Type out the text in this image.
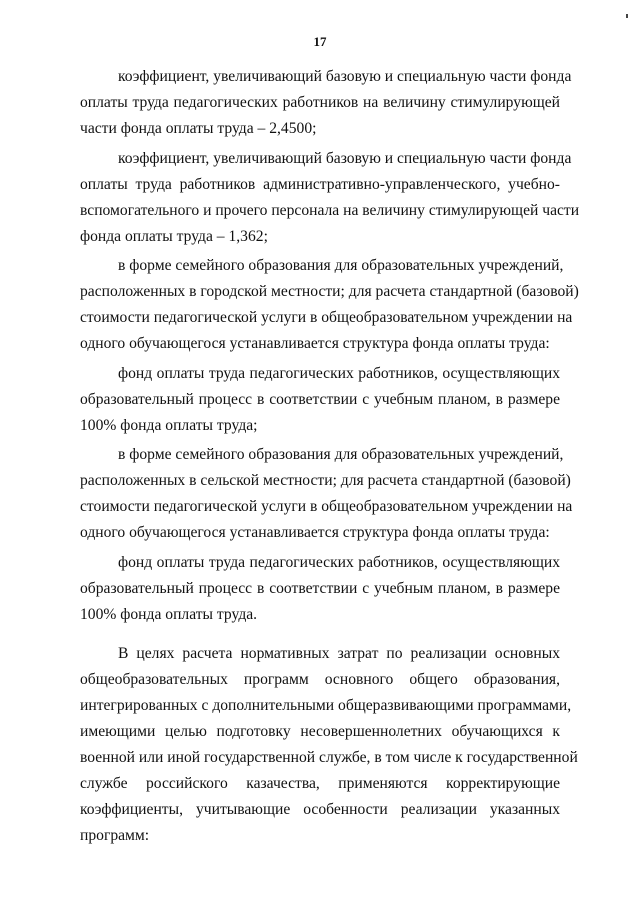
17
коэффициент, увеличивающий базовую и специальную части фонда
оплаты труда педагогических работников на величину стимулирующей
части фонда оплаты труда – 2,4500;
коэффициент, увеличивающий базовую и специальную части фонда
оплаты труда работников административно-управленческого, учебно-
вспомогательного и прочего персонала на величину стимулирующей части
фонда оплаты труда – 1,362;
в форме семейного образования для образовательных учреждений,
расположенных в городской местности; для расчета стандартной (базовой)
стоимости педагогической услуги в общеобразовательном учреждении на
одного обучающегося устанавливается структура фонда оплаты труда:
фонд оплаты труда педагогических работников, осуществляющих
образовательный процесс в соответствии с учебным планом, в размере
100% фонда оплаты труда;
в форме семейного образования для образовательных учреждений,
расположенных в сельской местности; для расчета стандартной (базовой)
стоимости педагогической услуги в общеобразовательном учреждении на
одного обучающегося устанавливается структура фонда оплаты труда:
фонд оплаты труда педагогических работников, осуществляющих
образовательный процесс в соответствии с учебным планом, в размере
100% фонда оплаты труда.
В целях расчета нормативных затрат по реализации основных
общеобразовательных программ основного общего образования,
интегрированных с дополнительными общеразвивающими программами,
имеющими целью подготовку несовершеннолетних обучающихся к
военной или иной государственной службе, в том числе к государственной
службе российского казачества, применяются корректирующие
коэффициенты, учитывающие особенности реализации указанных
программ:
